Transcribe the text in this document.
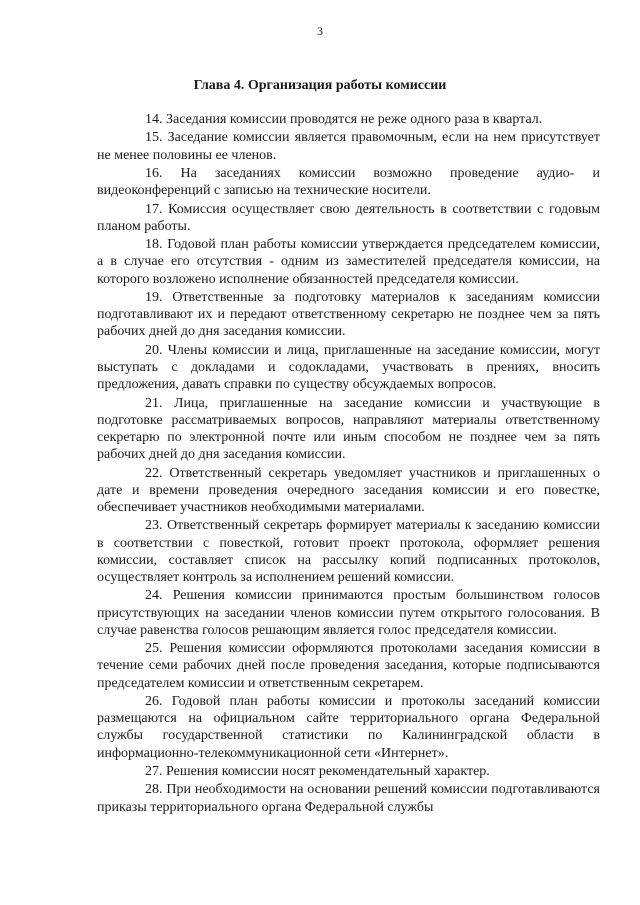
3
Глава 4. Организация работы комиссии

14. Заседания комиссии проводятся не реже одного раза в квартал.

15. Заседание комиссии является правомочным, если на нем присутствует не менее половины ее членов.

16. На заседаниях комиссии возможно проведение аудио- и видеоконференций с записью на технические носители.

17. Комиссия осуществляет свою деятельность в соответствии с годовым планом работы.

18. Годовой план работы комиссии утверждается председателем комиссии, а в случае его отсутствия - одним из заместителей председателя комиссии, на которого возложено исполнение обязанностей председателя комиссии.

19. Ответственные за подготовку материалов к заседаниям комиссии подготавливают их и передают ответственному секретарю не позднее чем за пять рабочих дней до дня заседания комиссии.

20. Члены комиссии и лица, приглашенные на заседание комиссии, могут выступать с докладами и содокладами, участвовать в прениях, вносить предложения, давать справки по существу обсуждаемых вопросов.

21. Лица, приглашенные на заседание комиссии и участвующие в подготовке рассматриваемых вопросов, направляют материалы ответственному секретарю по электронной почте или иным способом не позднее чем за пять рабочих дней до дня заседания комиссии.

22. Ответственный секретарь уведомляет участников и приглашенных о дате и времени проведения очередного заседания комиссии и его повестке, обеспечивает участников необходимыми материалами.

23. Ответственный секретарь формирует материалы к заседанию комиссии в соответствии с повесткой, готовит проект протокола, оформляет решения комиссии, составляет список на рассылку копий подписанных протоколов, осуществляет контроль за исполнением решений комиссии.

24. Решения комиссии принимаются простым большинством голосов присутствующих на заседании членов комиссии путем открытого голосования. В случае равенства голосов решающим является голос председателя комиссии.

25. Решения комиссии оформляются протоколами заседания комиссии в течение семи рабочих дней после проведения заседания, которые подписываются председателем комиссии и ответственным секретарем.

26. Годовой план работы комиссии и протоколы заседаний комиссии размещаются на официальном сайте территориального органа Федеральной службы государственной статистики по Калининградской области в информационно-телекоммуникационной сети «Интернет».

27. Решения комиссии носят рекомендательный характер.

28. При необходимости на основании решений комиссии подготавливаются приказы территориального органа Федеральной службы
